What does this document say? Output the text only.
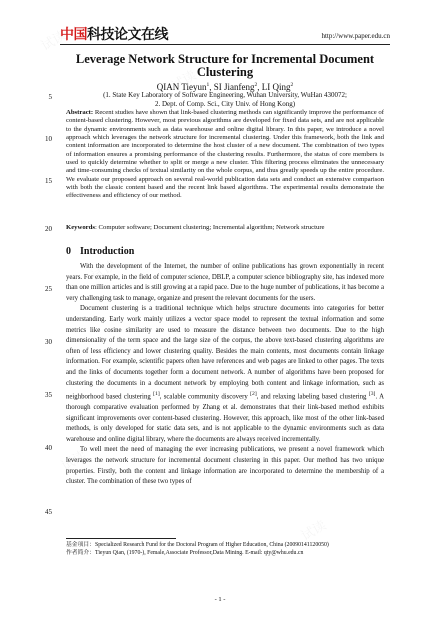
中国 科技论文在线	http://www.paper.edu.cn
Leverage Network Structure for Incremental Document Clustering
QIAN Tieyun$^1$, SI Jianfeng$^2$, LI Qing$^2$
(1. State Key Laboratory of Software Engineering, Wuhan University, WuHan 430072;
2. Dept. of Comp. Sci., City Univ. of Hong Kong)
5
10
15
20
25
30
35
40
45
Abstract: Recent studies have shown that link-based clustering methods can significantly improve the performance of content-based clustering. However, most previous algorithms are developed for fixed data sets, and are not applicable to the dynamic environments such as data warehouse and online digital library. In this paper, we introduce a novel approach which leverages the network structure for incremental clustering. Under this framework, both the link and content information are incorporated to determine the host cluster of a new document. The combination of two types of information ensures a promising performance of the clustering results. Furthermore, the status of core members is used to quickly determine whether to split or merge a new cluster. This filtering process eliminates the unnecessary and time-consuming checks of textual similarity on the whole corpus, and thus greatly speeds up the entire procedure. We evaluate our proposed approach on several real-world publication data sets and conduct an extensive comparison with both the classic content based and the recent link based algorithms. The experimental results demonstrate the effectiveness and efficiency of our method.
Keywords: Computer software; Document clustering; Incremental algorithm; Network structure
0 Introduction

With the development of the Internet, the number of online publications has grown exponentially in recent years. For example, in the field of computer science, DBLP, a computer science bibliography site, has indexed more than one million articles and is still growing at a rapid pace. Due to the huge number of publications, it has become a very challenging task to manage, organize and present the relevant documents for the users.

Document clustering is a traditional technique which helps structure documents into categories for better understanding. Early work mainly utilizes a vector space model to represent the textual information and some metrics like cosine similarity are used to measure the distance between two documents. Due to the high dimensionality of the term space and the large size of the corpus, the above text-based clustering algorithms are often of less efficiency and lower clustering quality. Besides the main contents, most documents contain linkage information. For example, scientific papers often have references and web pages are linked to other pages. The texts and the links of documents together form a document network. A number of algorithms have been proposed for clustering the documents in a document network by employing both content and linkage information, such as neighborhood based clustering [1], scalable community discovery [2], and relaxing labeling based clustering [3]. A thorough comparative evaluation performed by Zhang et al. demonstrates that their link-based method exhibits significant improvements over content-based clustering. However, this approach, like most of the other link-based methods, is only developed for static data sets, and is not applicable to the dynamic environments such as data warehouse and online digital library, where the documents are always received incrementally.

To well meet the need of managing the ever increasing publications, we present a novel framework which leverages the network structure for incremental document clustering in this paper. Our method has two unique properties. Firstly, both the content and linkage information are incorporated to determine the membership of a cluster. The combination of these two types of

基金项目：Specialized Research Fund for the Doctoral Program of Higher Education, China (20090141120050)
作者简介：Tieyun Qian, (1970-), Female,Associate Professor,Data Mining. E-mail: qty@whu.edu.cn
- 1 -
